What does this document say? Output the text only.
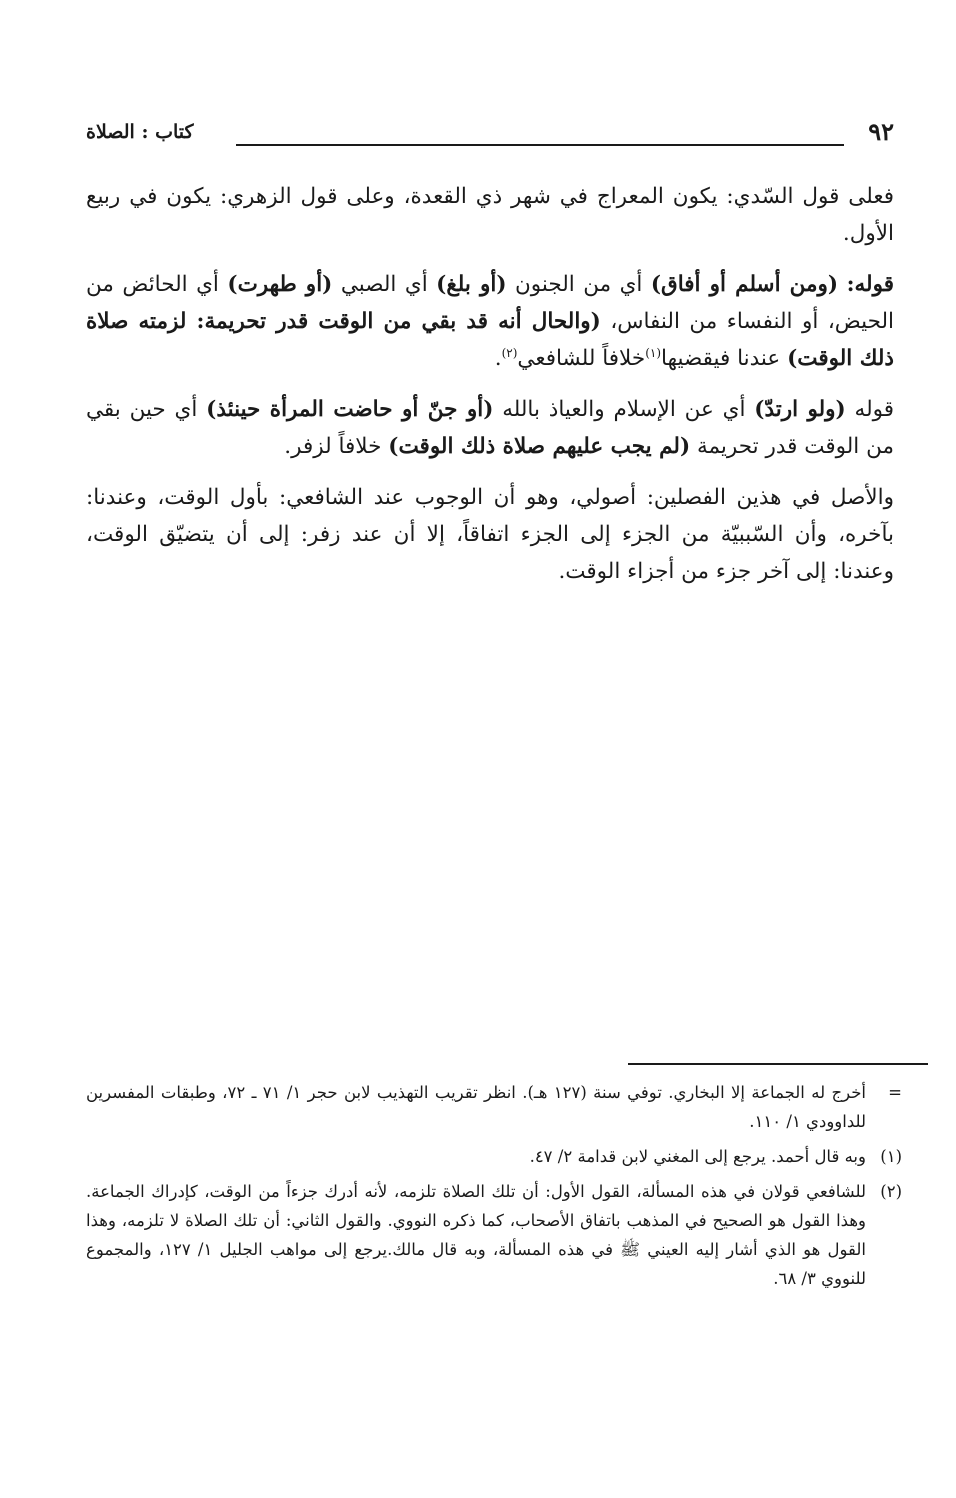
٩٢
كتاب : الصلاة

فعلى قول السّدي: يكون المعراج في شهر ذي القعدة، وعلى قول الزهري: يكون في ربيع الأول.

قوله: (ومن أسلم أو أفاق) أي من الجنون (أو بلغ) أي الصبي (أو طهرت) أي الحائض من الحيض، أو النفساء من النفاس، (والحال أنه قد بقي من الوقت قدر تحريمة: لزمته صلاة ذلك الوقت) عندنا فيقضيها$^{(١)}$خلافاً للشافعي$^{(٢)}$.

قوله (ولو ارتدّ) أي عن الإسلام والعياذ بالله (أو جنّ أو حاضت المرأة حينئذ) أي حين بقي من الوقت قدر تحريمة (لم يجب عليهم صلاة ذلك الوقت) خلافاً لزفر.

والأصل في هذين الفصلين: أصولي، وهو أن الوجوب عند الشافعي: بأول الوقت، وعندنا: بآخره، وأن السّببيّة من الجزء إلى الجزء اتفاقاً، إلا أن عند زفر: إلى أن يتضيّق الوقت، وعندنا: إلى آخر جزء من أجزاء الوقت.

=
أخرج له الجماعة إلا البخاري. توفي سنة (١٢٧ هـ). انظر تقريب التهذيب لابن حجر ١/ ٧١ ـ ٧٢، وطبقات المفسرين للداوودي ١/ ١١٠.
(١)
وبه قال أحمد. يرجع إلى المغني لابن قدامة ٢/ ٤٧.
(٢)
للشافعي قولان في هذه المسألة، القول الأول: أن تلك الصلاة تلزمه، لأنه أدرك جزءاً من الوقت، كإدراك الجماعة. وهذا القول هو الصحيح في المذهب باتفاق الأصحاب، كما ذكره النووي. والقول الثاني: أن تلك الصلاة لا تلزمه، وهذا القول هو الذي أشار إليه العيني ﷺ في هذه المسألة، وبه قال مالك.يرجع إلى مواهب الجليل ١/ ١٢٧، والمجموع للنووي ٣/ ٦٨.
